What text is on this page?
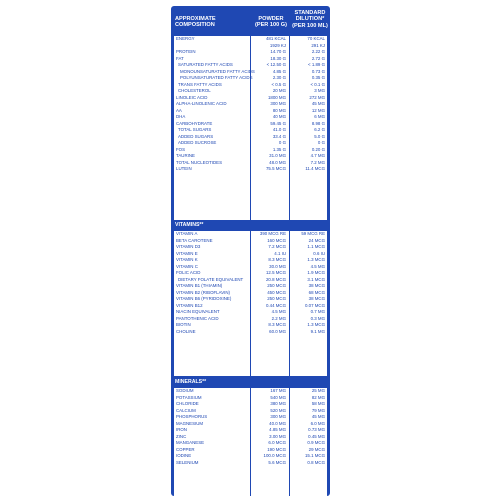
APPROXIMATE COMPOSITION
POWDER (PER 100 G)
STANDARD DILUTION* (PER 100 ML)
ENERGY	481 KCAL	70 KCAL
1929 KJ	291 KJ
PROTEIN	14.70 G	2.22 G
FAT	18.30 G	2.72 G
SATURATED FATTY ACIDS	< 12.50 G	< 1.89 G
MONOUNSATURATED FATTY ACIDS	4.85 G	0.73 G
POLYUNSATURATED FATTY ACIDS	2.30 G	0.35 G
TRANS FATTY ACIDS	< 0.5 G	< 0.1 G
CHOLESTEROL	20 MG	3 MG
LINOLEIC ACID	1800 MG	272 MG
ALPHA-LINOLENIC ACID	300 MG	45 MG
AA	80 MG	12 MG
DHA	40 MG	6 MG
CARBOHYDRATE	59.45 G	8.98 G
TOTAL SUGARS	41.0 G	6.2 G
ADDED SUGARS	33.4 G	5.0 G
ADDED SUCROSE	0 G	0 G
FOS	1.35 G	0.20 G
TAURINE	31.0 MG	4.7 MG
TOTAL NUCLEOTIDES	48.0 MG	7.2 MG
LUTEIN	75.5 MCG	11.4 MCG
VITAMINS**
VITAMIN A	390 MCG RE	59 MCG RE
BETA CAROTENE	160 MCG	24 MCG
VITAMIN D3	7.2 MCG	1.1 MCG
VITAMIN E	4.1 IU	0.6 IU
VITAMIN K	8.3 MCG	1.3 MCG
VITAMIN C	30.0 MG	4.5 MG
FOLIC ACID	12.5 MCG	1.9 MCG
DIETARY FOLATE EQUIVALENT	20.8 MCG	3.1 MCG
VITAMIN B1 (THIAMIN)	250 MCG	38 MCG
VITAMIN B2 (RIBOFLAVIN)	450 MCG	68 MCG
VITAMIN B6 (PYRIDOXINE)	250 MCG	38 MCG
VITAMIN B12	0.44 MCG	0.07 MCG
NIACIN EQUIVALENT	4.5 MG	0.7 MG
PANTOTHENIC ACID	2.2 MG	0.3 MG
BIOTIN	8.3 MCG	1.3 MCG
CHOLINE	60.0 MG	9.1 MG
MINERALS**
SODIUM	167 MG	25 MG
POTASSIUM	540 MG	82 MG
CHLORIDE	380 MG	58 MG
CALCIUM	520 MG	79 MG
PHOSPHORUS	300 MG	45 MG
MAGNESIUM	40.0 MG	6.0 MG
IRON	4.85 MG	0.73 MG
ZINC	3.00 MG	0.45 MG
MANGANESE	6.0 MCG	0.9 MCG
COPPER	190 MCG	29 MCG
IODINE	100.0 MCG	15.1 MCG
SELENIUM	5.6 MCG	0.8 MCG
